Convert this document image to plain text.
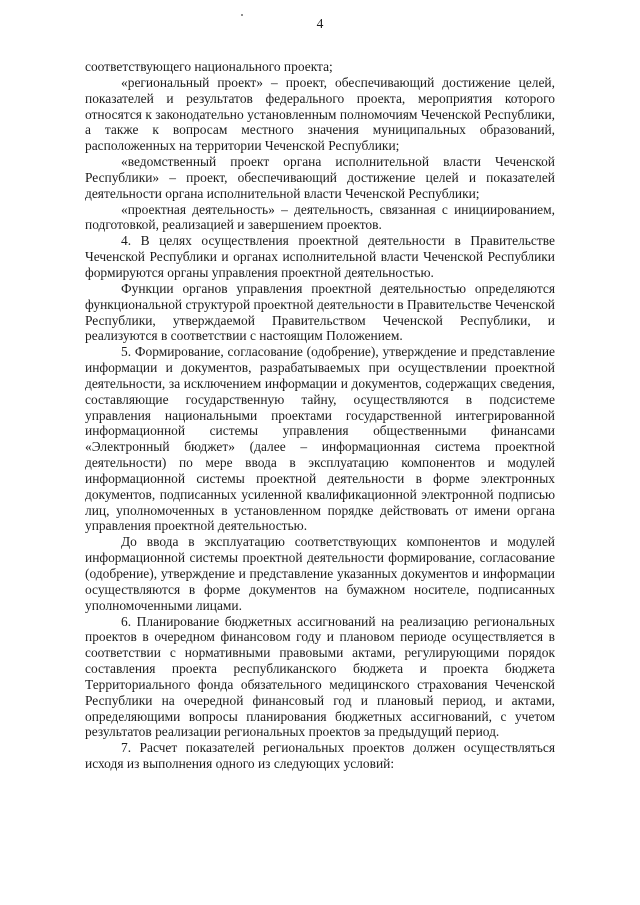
4

соответствующего национального проекта;

«региональный проект» – проект, обеспечивающий достижение целей, показателей и результатов федерального проекта, мероприятия которого относятся к законодательно установленным полномочиям Чеченской Республики, а также к вопросам местного значения муниципальных образований, расположенных на территории Чеченской Республики;

«ведомственный проект органа исполнительной власти Чеченской Республики» – проект, обеспечивающий достижение целей и показателей деятельности органа исполнительной власти Чеченской Республики;

«проектная деятельность» – деятельность, связанная с инициированием, подготовкой, реализацией и завершением проектов.

4. В целях осуществления проектной деятельности в Правительстве Чеченской Республики и органах исполнительной власти Чеченской Республики формируются органы управления проектной деятельностью.

Функции органов управления проектной деятельностью определяются функциональной структурой проектной деятельности в Правительстве Чеченской Республики, утверждаемой Правительством Чеченской Республики, и реализуются в соответствии с настоящим Положением.

5. Формирование, согласование (одобрение), утверждение и представление информации и документов, разрабатываемых при осуществлении проектной деятельности, за исключением информации и документов, содержащих сведения, составляющие государственную тайну, осуществляются в подсистеме управления национальными проектами государственной интегрированной информационной системы управления общественными финансами «Электронный бюджет» (далее – информационная система проектной деятельности) по мере ввода в эксплуатацию компонентов и модулей информационной системы проектной деятельности в форме электронных документов, подписанных усиленной квалификационной электронной подписью лиц, уполномоченных в установленном порядке действовать от имени органа управления проектной деятельностью.

До ввода в эксплуатацию соответствующих компонентов и модулей информационной системы проектной деятельности формирование, согласование (одобрение), утверждение и представление указанных документов и информации осуществляются в форме документов на бумажном носителе, подписанных уполномоченными лицами.

6. Планирование бюджетных ассигнований на реализацию региональных проектов в очередном финансовом году и плановом периоде осуществляется в соответствии с нормативными правовыми актами, регулирующими порядок составления проекта республиканского бюджета и проекта бюджета Территориального фонда обязательного медицинского страхования Чеченской Республики на очередной финансовый год и плановый период, и актами, определяющими вопросы планирования бюджетных ассигнований, с учетом результатов реализации региональных проектов за предыдущий период.

7. Расчет показателей региональных проектов должен осуществляться исходя из выполнения одного из следующих условий:
